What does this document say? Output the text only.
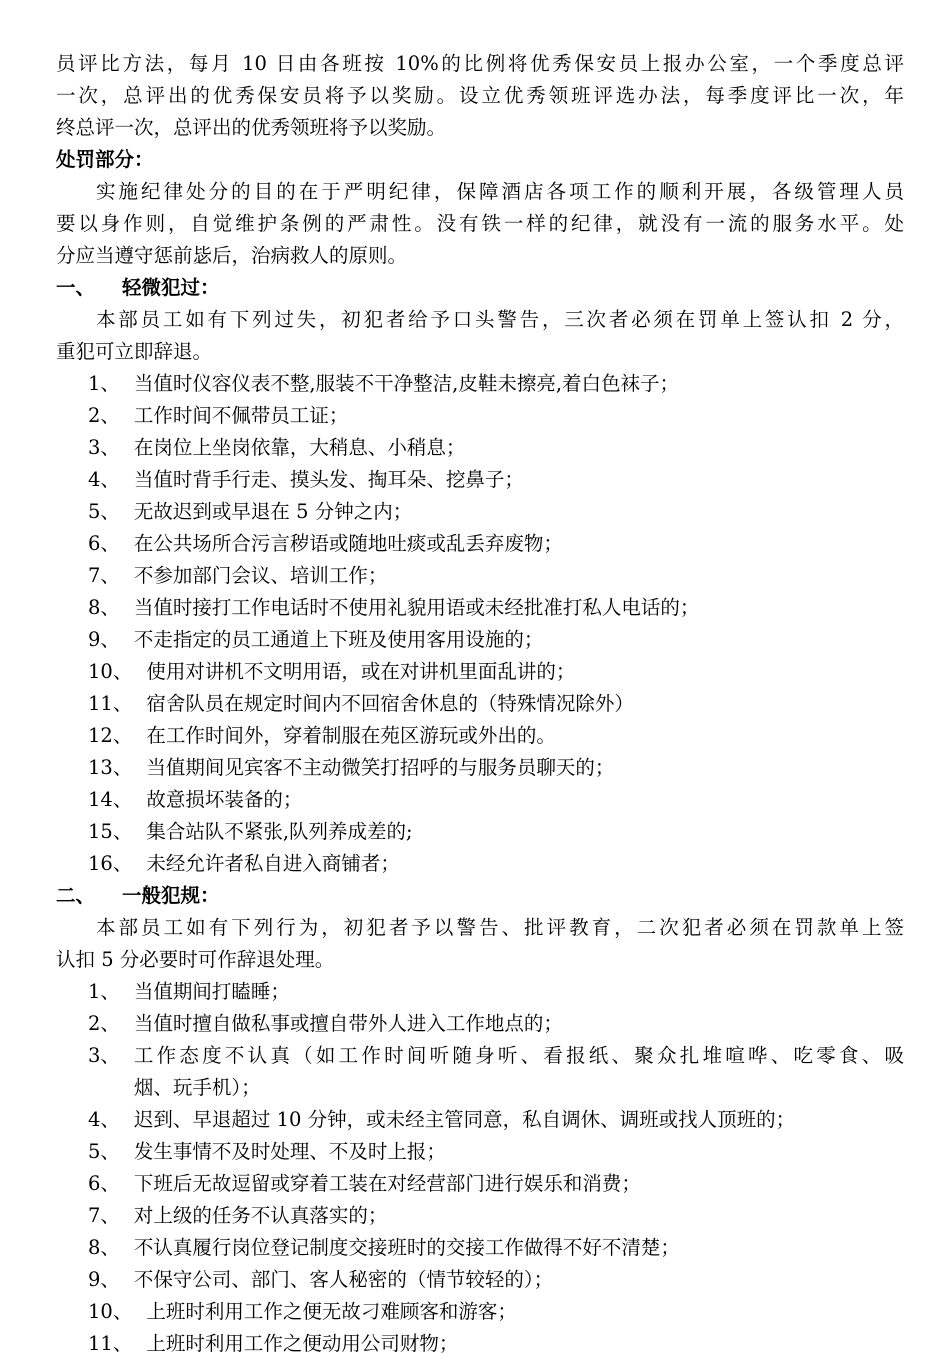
员评比方法，每月 10 日由各班按 10%的比例将优秀保安员上报办公室，一个季度总评
一次，总评出的优秀保安员将予以奖励。设立优秀领班评选办法，每季度评比一次，年
终总评一次，总评出的优秀领班将予以奖励。
处罚部分：
实施纪律处分的目的在于严明纪律，保障酒店各项工作的顺利开展，各级管理人员
要以身作则，自觉维护条例的严肃性。没有铁一样的纪律，就没有一流的服务水平。处
分应当遵守惩前毖后，治病救人的原则。
一、 轻微犯过：
本部员工如有下列过失，初犯者给予口头警告，三次者必须在罚单上签认扣 2 分，
重犯可立即辞退。
1、 当值时仪容仪表不整,服装不干净整洁,皮鞋未擦亮,着白色袜子；
2、 工作时间不佩带员工证；
3、 在岗位上坐岗依靠，大稍息、小稍息；
4、 当值时背手行走、摸头发、掏耳朵、挖鼻子；
5、 无故迟到或早退在 5 分钟之内；
6、 在公共场所合污言秽语或随地吐痰或乱丢弃废物；
7、 不参加部门会议、培训工作；
8、 当值时接打工作电话时不使用礼貌用语或未经批准打私人电话的；
9、 不走指定的员工通道上下班及使用客用设施的；
10、 使用对讲机不文明用语，或在对讲机里面乱讲的；
11、 宿舍队员在规定时间内不回宿舍休息的（特殊情况除外）
12、 在工作时间外，穿着制服在苑区游玩或外出的。
13、 当值期间见宾客不主动微笑打招呼的与服务员聊天的；
14、 故意损坏装备的；
15、 集合站队不紧张,队列养成差的;
16、 未经允许者私自进入商铺者；
二、 一般犯规：
本部员工如有下列行为，初犯者予以警告、批评教育，二次犯者必须在罚款单上签
认扣 5 分必要时可作辞退处理。
1、 当值期间打瞌睡；
2、 当值时擅自做私事或擅自带外人进入工作地点的；
3、 工作态度不认真（如工作时间听随身听、看报纸、聚众扎堆喧哗、吃零食、吸
烟、玩手机）；
4、 迟到、早退超过 10 分钟，或未经主管同意，私自调休、调班或找人顶班的；
5、 发生事情不及时处理、不及时上报；
6、 下班后无故逗留或穿着工装在对经营部门进行娱乐和消费；
7、 对上级的任务不认真落实的；
8、 不认真履行岗位登记制度交接班时的交接工作做得不好不清楚；
9、 不保守公司、部门、客人秘密的（情节较轻的）；
10、 上班时利用工作之便无故刁难顾客和游客；
11、 上班时利用工作之便动用公司财物；
